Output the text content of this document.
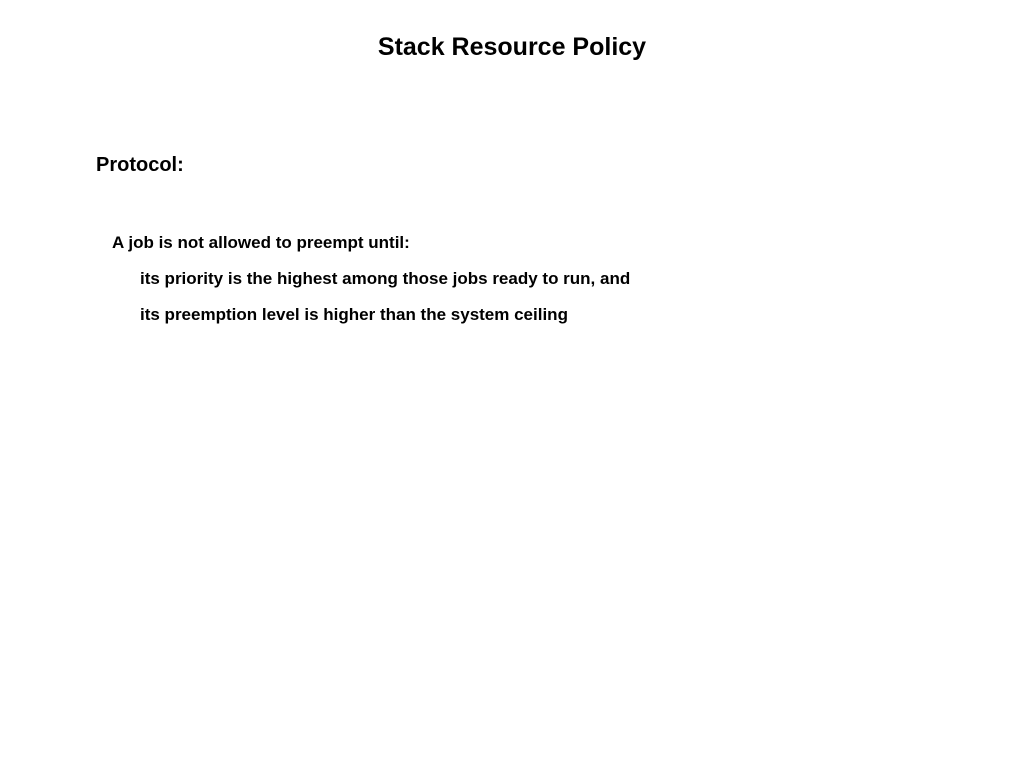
Stack Resource Policy
Protocol:

A job is not allowed to preempt until:

its priority is the highest among those jobs ready to run, and

its preemption level is higher than the system ceiling
